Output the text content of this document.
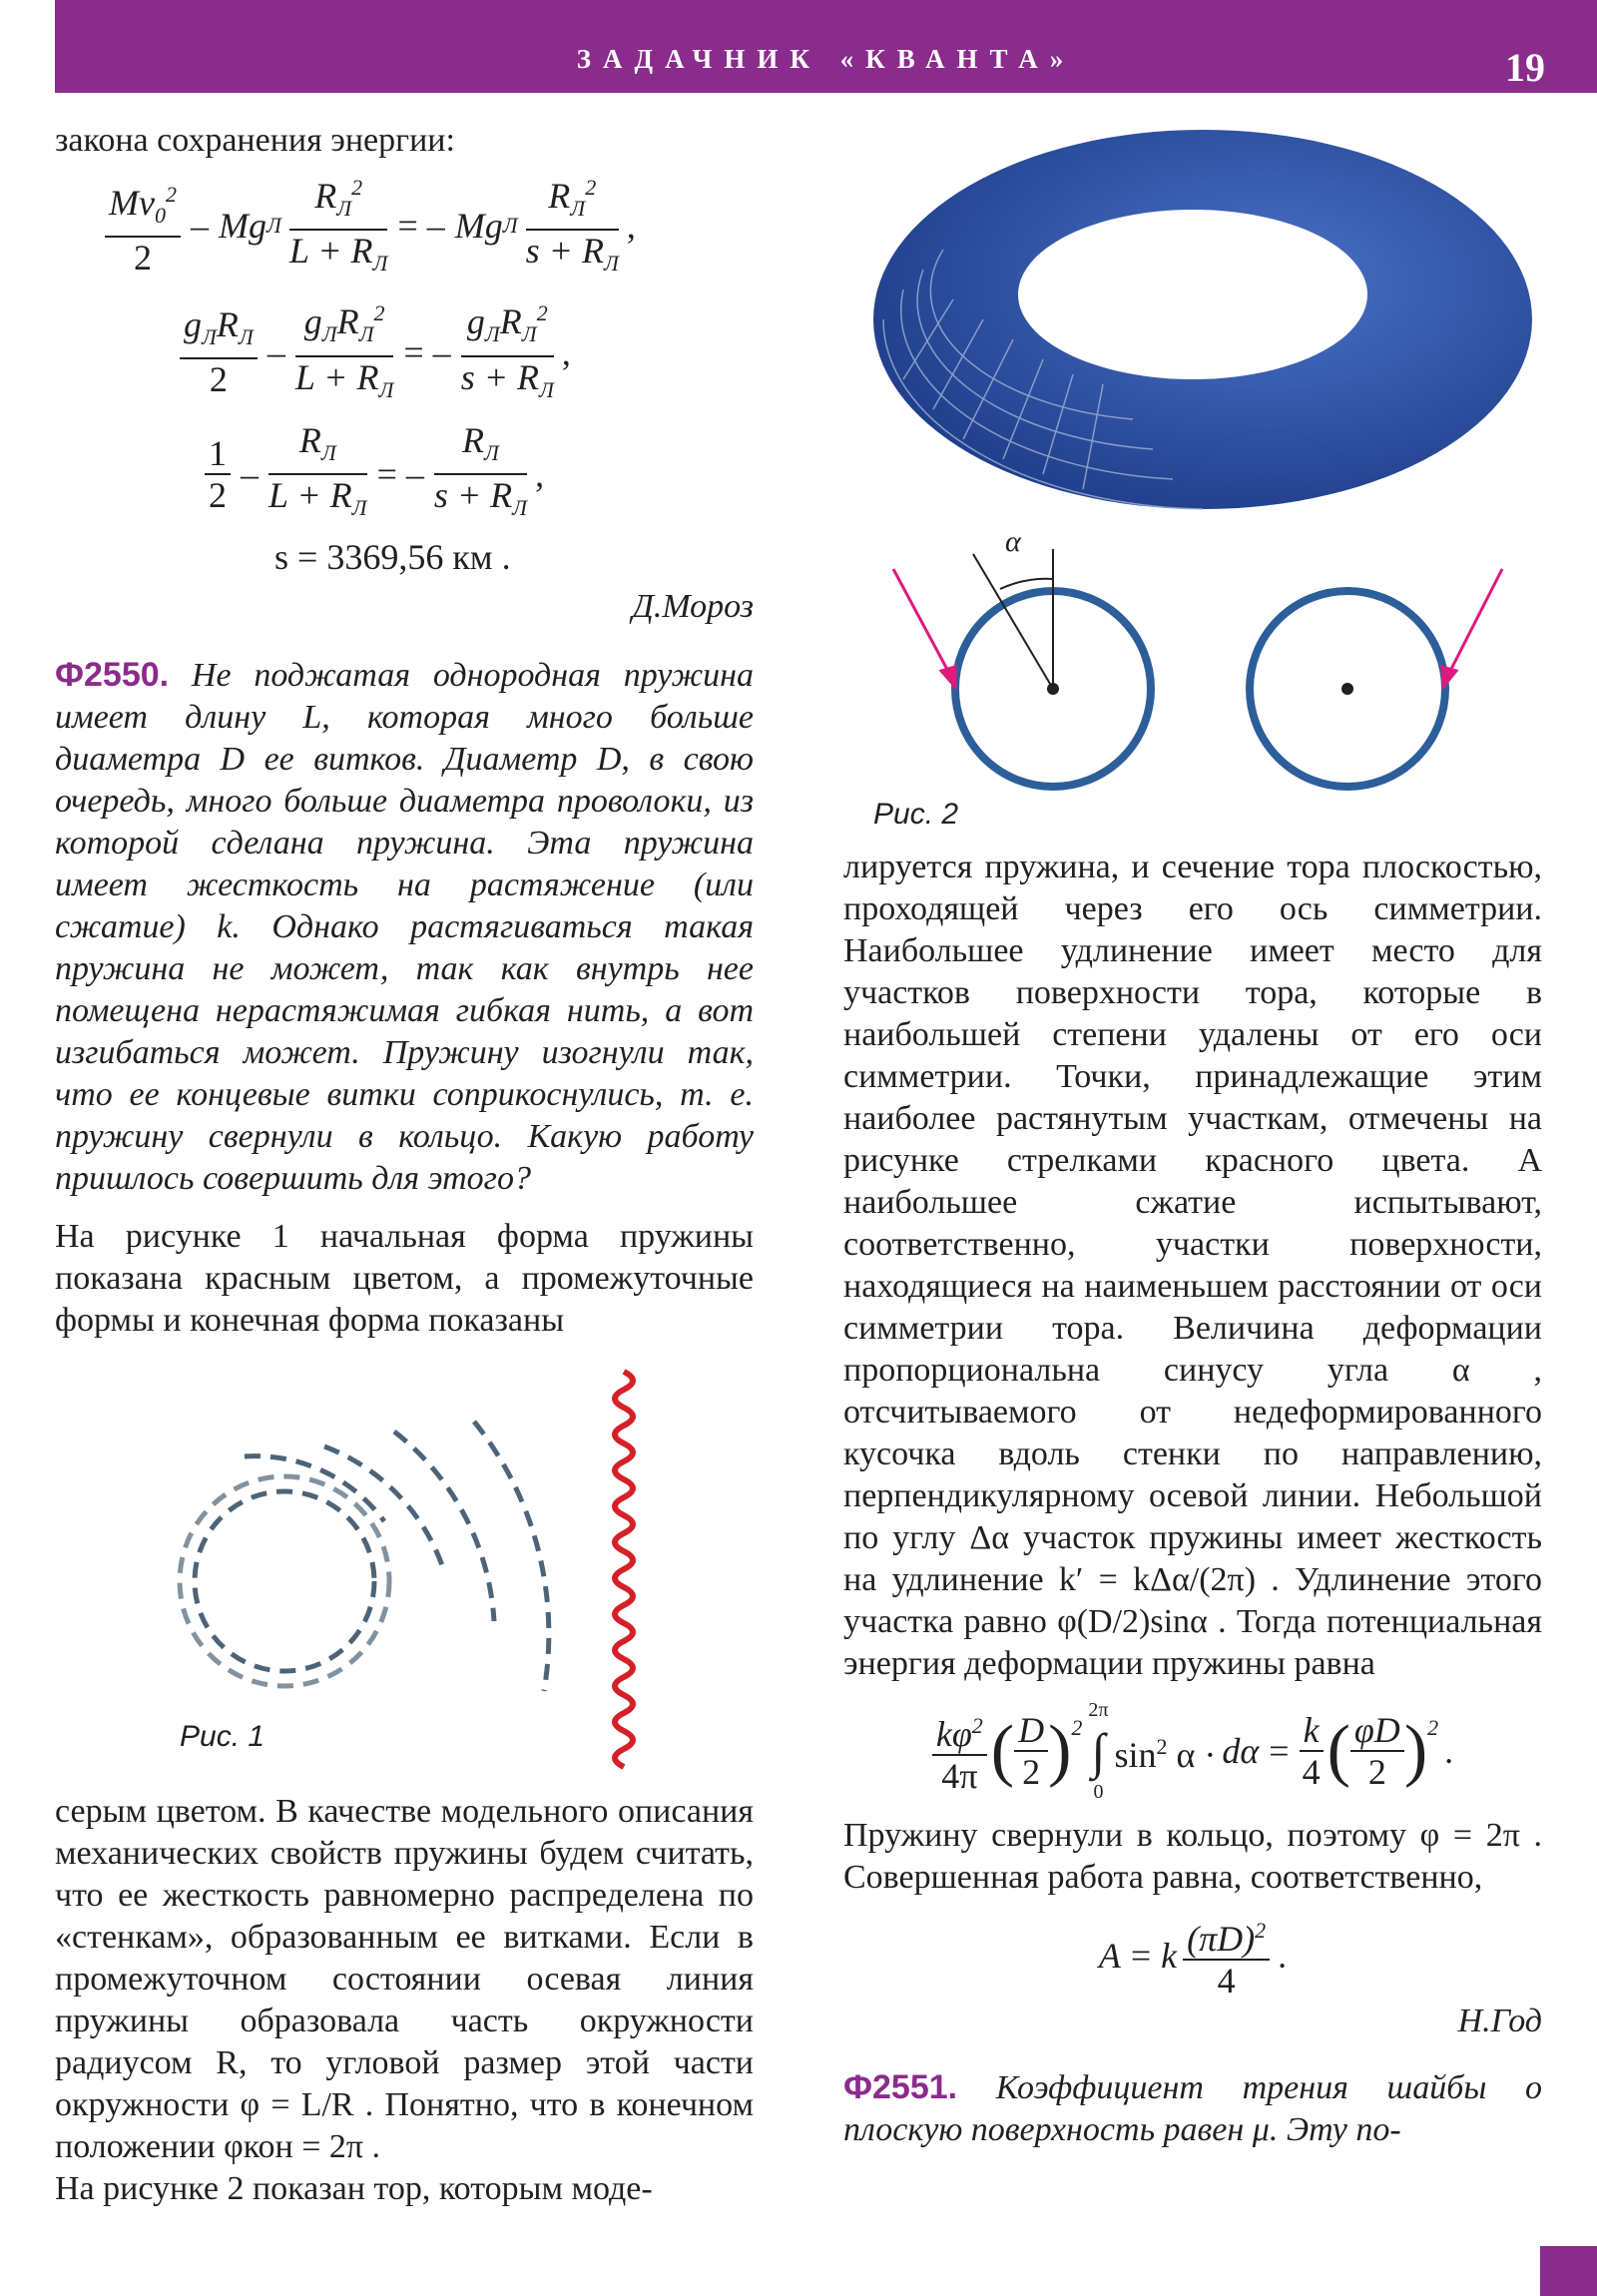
ЗАДАЧНИК «КВАНТА»	19

закона сохранения энергии:

$Mv_0^2$
2
– Mg Л
$R_Л^2$
$L + R_Л$
= – Mg Л
$R_Л^2$
$s + R_Л$
,
$g_ЛR_Л$
2
–
$g_ЛR_Л^2$
$L + R_Л$
= –
$g_ЛR_Л^2$
$s + R_Л$
,
1
2
–
$R_Л$
$L + R_Л$
= –
$R_Л$
$s + R_Л$
,
s = 3369,56 км .

Д.Мороз

Ф2550. Не поджатая однородная пружина имеет длину L, которая много больше диаметра D ее витков. Диаметр D, в свою очередь, много больше диаметра проволоки, из которой сделана пружина. Эта пружина имеет жесткость на растяжение (или сжатие) k. Однако растягиваться такая пружина не может, так как внутрь нее помещена нерастяжимая гибкая нить, а вот изгибаться может. Пружину изогнули так, что ее концевые витки соприкоснулись, т. е. пружину свернули в кольцо. Какую работу пришлось совершить для этого?

На рисунке 1 начальная форма пружины показана красным цветом, а промежуточные формы и конечная форма показаны

Рис. 1

серым цветом. В качестве модельного описания механических свойств пружины будем считать, что ее жесткость равномерно распределена по «стенкам», образованным ее витками. Если в промежуточном состоянии осевая линия пружины образовала часть окружности радиусом R, то угловой размер этой части окружности φ = L/R . Понятно, что в конечном положении φкон = 2π .

На рисунке 2 показан тор, которым моде-

α
Рис. 2

лируется пружина, и сечение тора плоскостью, проходящей через его ось симметрии. Наибольшее удлинение имеет место для участков поверхности тора, которые в наибольшей степени удалены от его оси симметрии. Точки, принадлежащие этим наиболее растянутым участкам, отмечены на рисунке стрелками красного цвета. А наибольшее сжатие испытывают, соответственно, участки поверхности, находящиеся на наименьшем расстоянии от оси симметрии тора. Величина деформации пропорциональна синусу угла α , отсчитываемого от недеформированного кусочка вдоль стенки по направлению, перпендикулярному осевой линии. Небольшой по углу Δα участок пружины имеет жесткость на удлинение k′ = kΔα/(2π) . Удлинение этого участка равно φ(D/2)sinα . Тогда потенциальная энергия деформации пружины равна

$k\varphi^2$
4π ( D
2 )$^2$
2π
∫
0
$\sin^2 \alpha \cdot d\alpha = \frac{k}{4}$ ( φD
2 )$^2$
.

Пружину свернули в кольцо, поэтому φ = 2π . Совершенная работа равна, соответственно,

A = k $(\pi D)^2$
4
.

Н.Год

Ф2551. Коэффициент трения шайбы о плоскую поверхность равен μ. Эту по-
